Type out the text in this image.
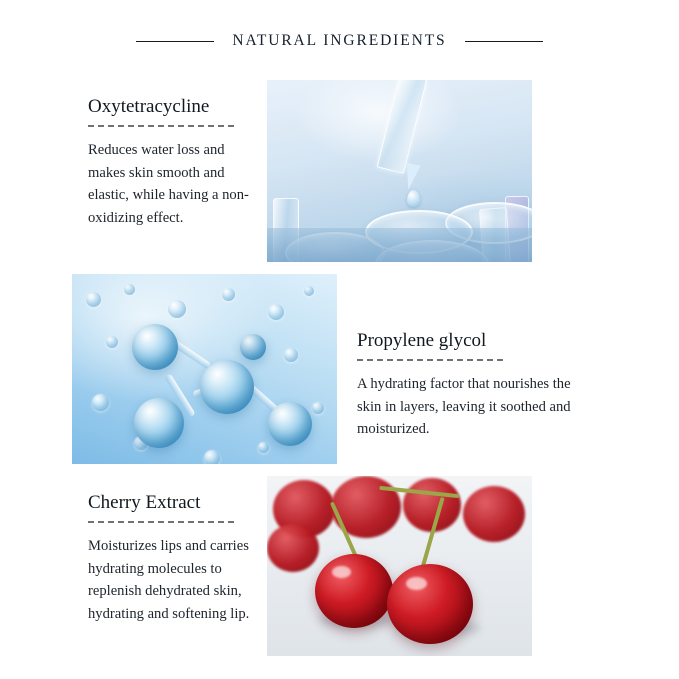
NATURAL INGREDIENTS
Oxytetracycline

Reduces water loss and makes skin smooth and elastic, while having a non-oxidizing effect.

Propylene glycol

A hydrating factor that nourishes the skin in layers, leaving it soothed and moisturized.

Cherry Extract

Moisturizes lips and carries hydrating molecules to replenish dehydrated skin, hydrating and softening lip.
